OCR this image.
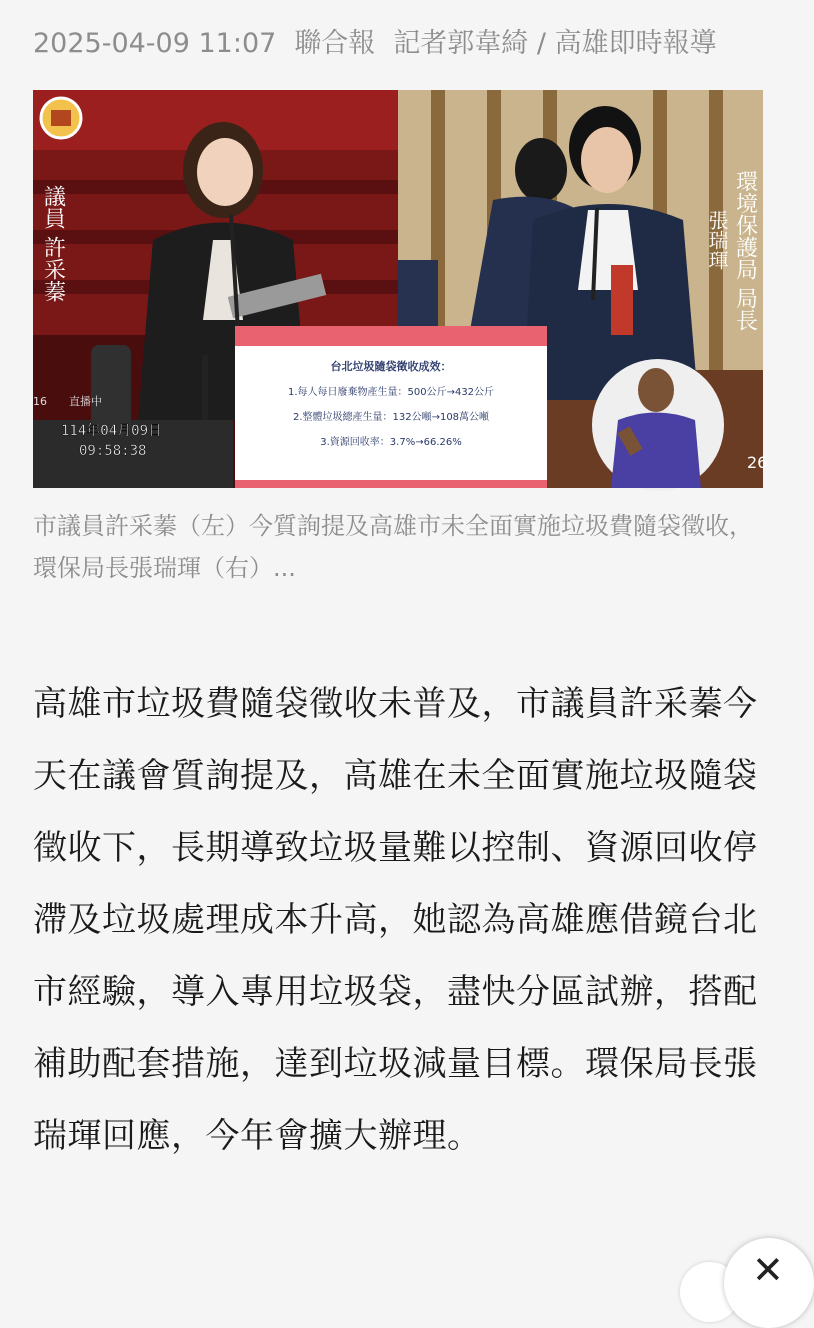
2025-04-09 11:07 聯合報 記者郭韋綺 / 高雄即時報導
台北垃圾隨袋徵收成效：
1.每人每日廢棄物產生量：500公斤→432公斤
2.整體垃圾總產生量：132公噸→108萬公噸
3.資源回收率：3.7%→66.26%
議員 許采蓁	環境保護局 局長
張瑞琿
16 直播中
26
114年04月09日
09:58:38
市議員許采蓁（左）今質詢提及高雄市未全面實施垃圾費隨袋徵收，環保局長張瑞琿（右）...
高雄市垃圾費隨袋徵收未普及，市議員許采蓁今天在議會質詢提及，高雄在未全面實施垃圾隨袋徵收下，長期導致垃圾量難以控制、資源回收停滯及垃圾處理成本升高，她認為高雄應借鏡台北市經驗，導入專用垃圾袋，盡快分區試辦，搭配補助配套措施，達到垃圾減量目標。環保局長張瑞琿回應，今年會擴大辦理。
✕
